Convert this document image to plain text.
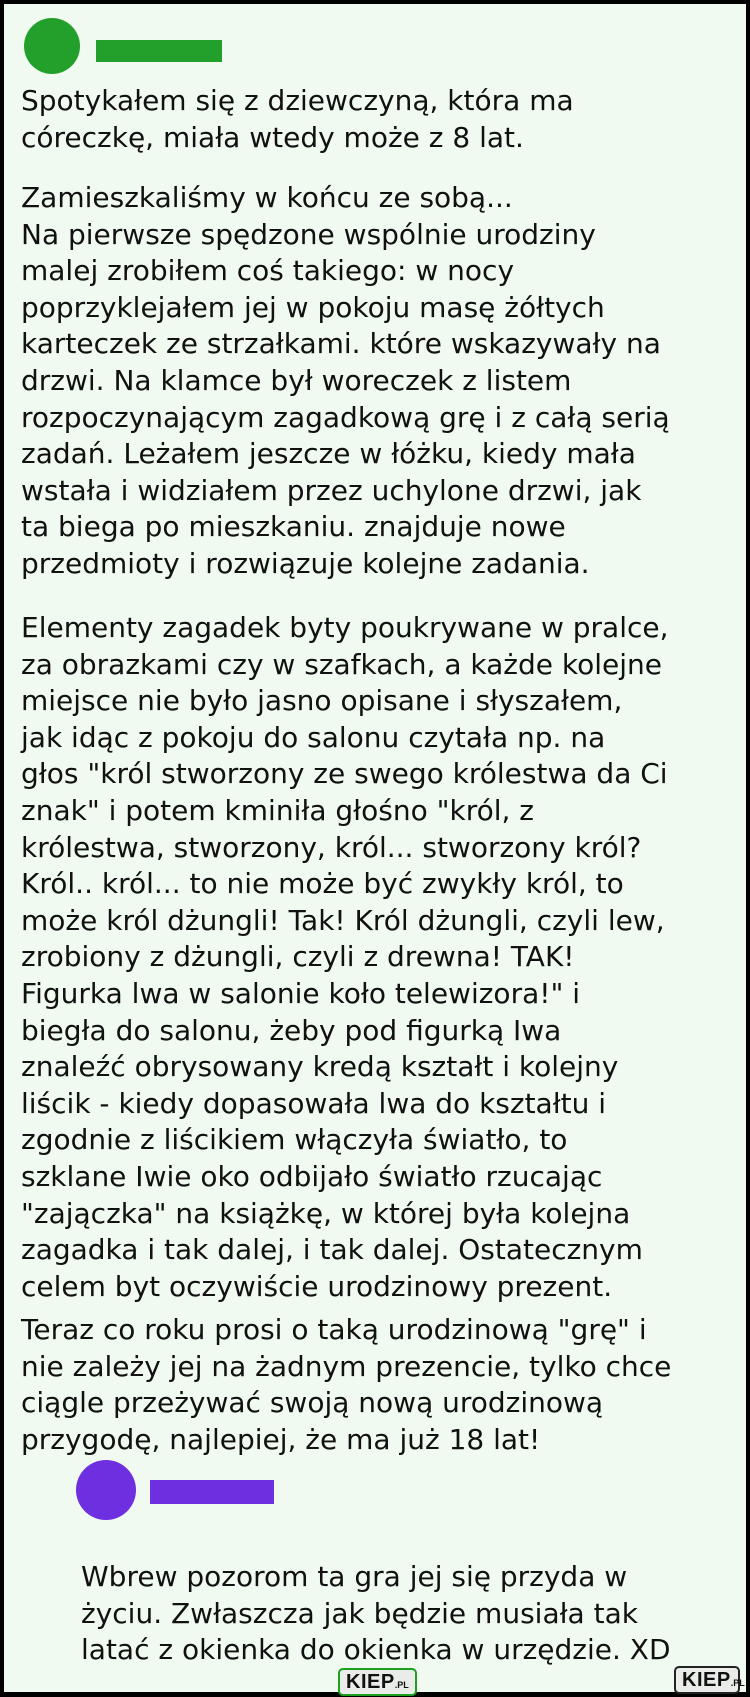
Spotykałem się z dziewczyną, która ma
córeczkę, miała wtedy może z 8 lat.

Zamieszkaliśmy w końcu ze sobą...
Na pierwsze spędzone wspólnie urodziny
malej zrobiłem coś takiego: w nocy
poprzyklejałem jej w pokoju masę żółtych
karteczek ze strzałkami. które wskazywały na
drzwi. Na klamce był woreczek z listem
rozpoczynającym zagadkową grę i z całą serią
zadań. Leżałem jeszcze w łóżku, kiedy mała
wstała i widziałem przez uchylone drzwi, jak
ta biega po mieszkaniu. znajduje nowe
przedmioty i rozwiązuje kolejne zadania.

Elementy zagadek byty poukrywane w pralce,
za obrazkami czy w szafkach, a każde kolejne
miejsce nie było jasno opisane i słyszałem,
jak idąc z pokoju do salonu czytała np. na
głos "król stworzony ze swego królestwa da Ci
znak" i potem kminiła głośno "król, z
królestwa, stworzony, król... stworzony król?
Król.. król... to nie może być zwykły król, to
może król dżungli! Tak! Król dżungli, czyli lew,
zrobiony z dżungli, czyli z drewna! TAK!
Figurka lwa w salonie koło telewizora!" i
biegła do salonu, żeby pod figurką Iwa
znaleźć obrysowany kredą kształt i kolejny
liścik - kiedy dopasowała lwa do kształtu i
zgodnie z liścikiem włączyła światło, to
szklane Iwie oko odbijało światło rzucając
"zajączka" na książkę, w której była kolejna
zagadka i tak dalej, i tak dalej. Ostatecznym
celem byt oczywiście urodzinowy prezent.

Teraz co roku prosi o taką urodzinową "grę" i
nie zależy jej na żadnym prezencie, tylko chce
ciągle przeżywać swoją nową urodzinową
przygodę, najlepiej, że ma już 18 lat!

Wbrew pozorom ta gra jej się przyda w
życiu. Zwłaszcza jak będzie musiała tak
latać z okienka do okienka w urzędzie. XD

KIEP.PL	KIEP.PL
